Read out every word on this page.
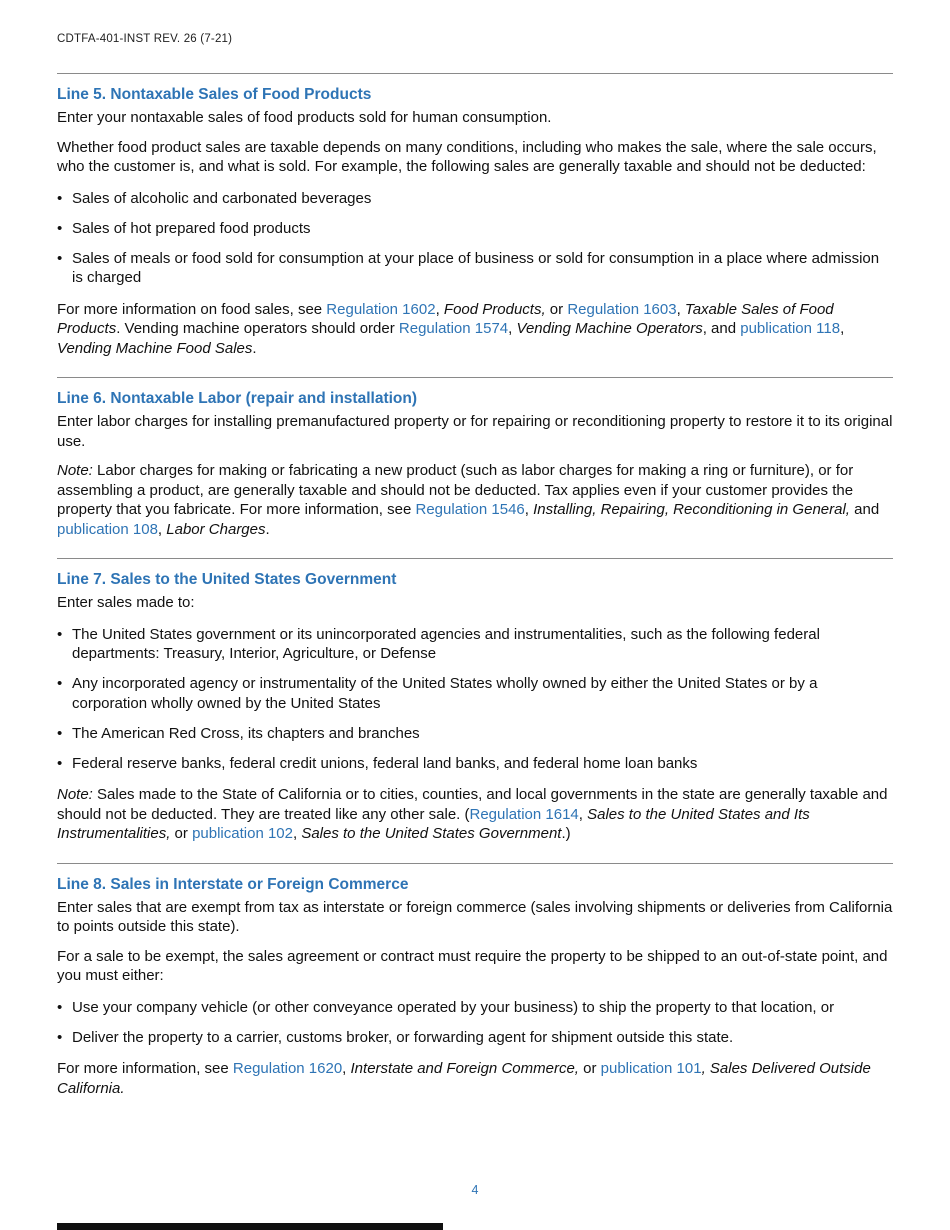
CDTFA-401-INST REV. 26 (7-21)
Line 5. Nontaxable Sales of Food Products

Enter your nontaxable sales of food products sold for human consumption.

Whether food product sales are taxable depends on many conditions, including who makes the sale, where the sale occurs, who the customer is, and what is sold. For example, the following sales are generally taxable and should not be deducted:

• Sales of alcoholic and carbonated beverages
• Sales of hot prepared food products
• Sales of meals or food sold for consumption at your place of business or sold for consumption in a place where admission is charged

For more information on food sales, see Regulation 1602, Food Products, or Regulation 1603, Taxable Sales of Food Products. Vending machine operators should order Regulation 1574, Vending Machine Operators, and publication 118, Vending Machine Food Sales.

Line 6. Nontaxable Labor (repair and installation)

Enter labor charges for installing premanufactured property or for repairing or reconditioning property to restore it to its original use.

Note: Labor charges for making or fabricating a new product (such as labor charges for making a ring or furniture), or for assembling a product, are generally taxable and should not be deducted. Tax applies even if your customer provides the property that you fabricate. For more information, see Regulation 1546, Installing, Repairing, Reconditioning in General, and publication 108, Labor Charges.

Line 7. Sales to the United States Government

Enter sales made to:

• The United States government or its unincorporated agencies and instrumentalities, such as the following federal departments: Treasury, Interior, Agriculture, or Defense
• Any incorporated agency or instrumentality of the United States wholly owned by either the United States or by a corporation wholly owned by the United States
• The American Red Cross, its chapters and branches
• Federal reserve banks, federal credit unions, federal land banks, and federal home loan banks

Note: Sales made to the State of California or to cities, counties, and local governments in the state are generally taxable and should not be deducted. They are treated like any other sale. (Regulation 1614, Sales to the United States and Its Instrumentalities, or publication 102, Sales to the United States Government.)

Line 8. Sales in Interstate or Foreign Commerce

Enter sales that are exempt from tax as interstate or foreign commerce (sales involving shipments or deliveries from California to points outside this state).

For a sale to be exempt, the sales agreement or contract must require the property to be shipped to an out-of-state point, and you must either:

• Use your company vehicle (or other conveyance operated by your business) to ship the property to that location, or
• Deliver the property to a carrier, customs broker, or forwarding agent for shipment outside this state.

For more information, see Regulation 1620, Interstate and Foreign Commerce, or publication 101, Sales Delivered Outside California.

4
